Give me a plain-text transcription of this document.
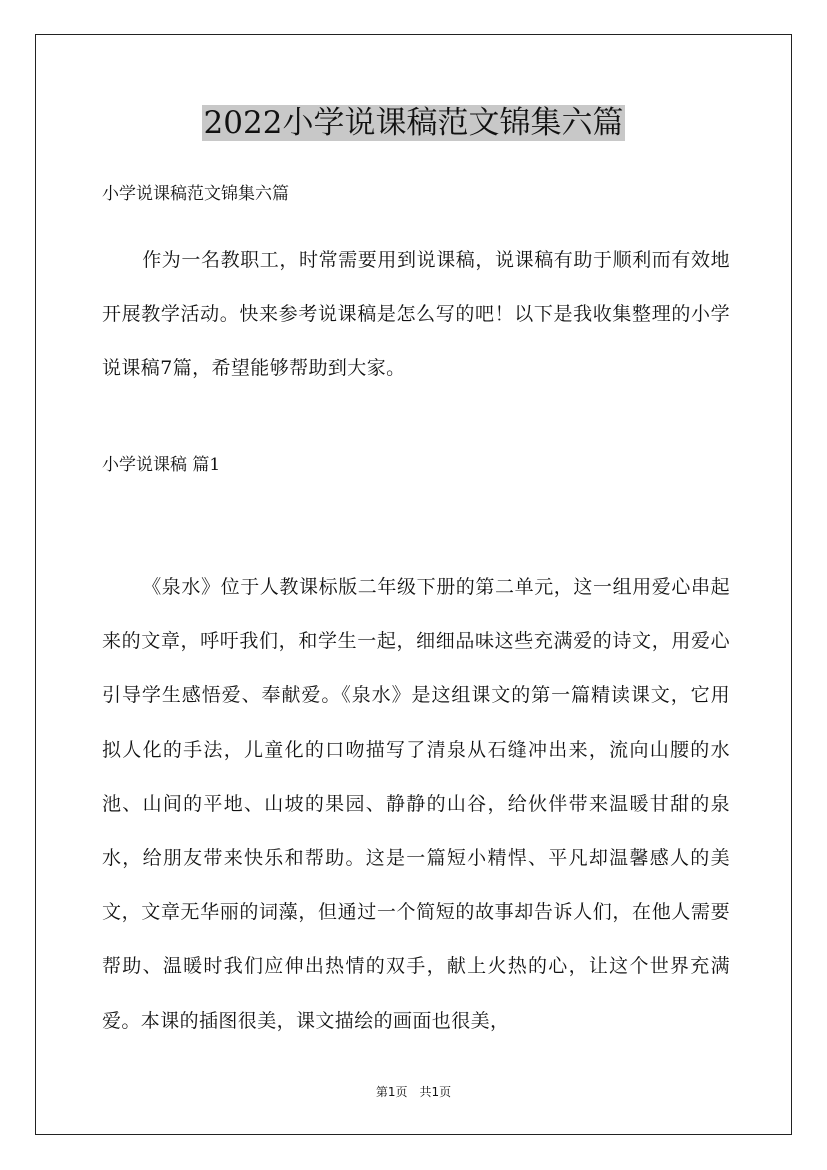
2022小学说课稿范文锦集六篇
小学说课稿范文锦集六篇

作为一名教职工，时常需要用到说课稿，说课稿有助于顺利而有效地开展教学活动。快来参考说课稿是怎么写的吧！以下是我收集整理的小学说课稿7篇，希望能够帮助到大家。

小学说课稿 篇1

《泉水》位于人教课标版二年级下册的第二单元，这一组用爱心串起来的文章，呼吁我们，和学生一起，细细品味这些充满爱的诗文，用爱心引导学生感悟爱、奉献爱。《泉水》是这组课文的第一篇精读课文，它用拟人化的手法，儿童化的口吻描写了清泉从石缝冲出来，流向山腰的水池、山间的平地、山坡的果园、静静的山谷，给伙伴带来温暖甘甜的泉水，给朋友带来快乐和帮助。这是一篇短小精悍、平凡却温馨感人的美文，文章无华丽的词藻，但通过一个简短的故事却告诉人们，在他人需要帮助、温暖时我们应伸出热情的双手，献上火热的心，让这个世界充满爱。本课的插图很美，课文描绘的画面也很美，

第1页 共1页
